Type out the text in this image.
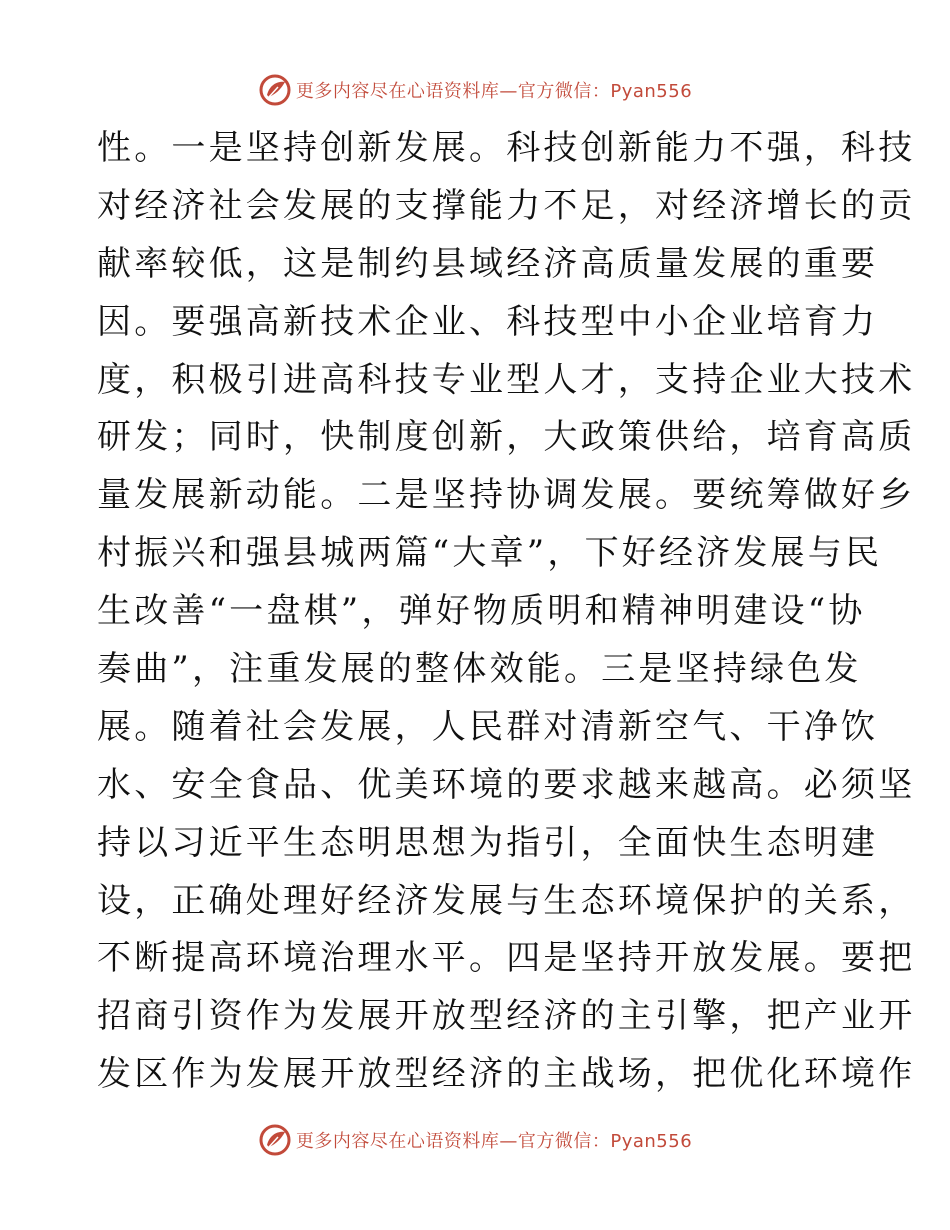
更多内容尽在心语资料库—官方微信：Pyan556
性。一是坚持创新发展。科技创新能力不强，科技
对经济社会发展的支撑能力不足，对经济增长的贡
献率较低，这是制约县域经济高质量发展的重要
因。要强高新技术企业、科技型中小企业培育力
度，积极引进高科技专业型人才，支持企业大技术
研发；同时，快制度创新，大政策供给，培育高质
量发展新动能。二是坚持协调发展。要统筹做好乡
村振兴和强县城两篇“大章”，下好经济发展与民
生改善“一盘棋”，弹好物质明和精神明建设“协
奏曲”，注重发展的整体效能。三是坚持绿色发
展。随着社会发展，人民群对清新空气、干净饮
水、安全食品、优美环境的要求越来越高。必须坚
持以习近平生态明思想为指引，全面快生态明建
设，正确处理好经济发展与生态环境保护的关系，
不断提高环境治理水平。四是坚持开放发展。要把
招商引资作为发展开放型经济的主引擎，把产业开
发区作为发展开放型经济的主战场，把优化环境作
更多内容尽在心语资料库—官方微信：Pyan556
